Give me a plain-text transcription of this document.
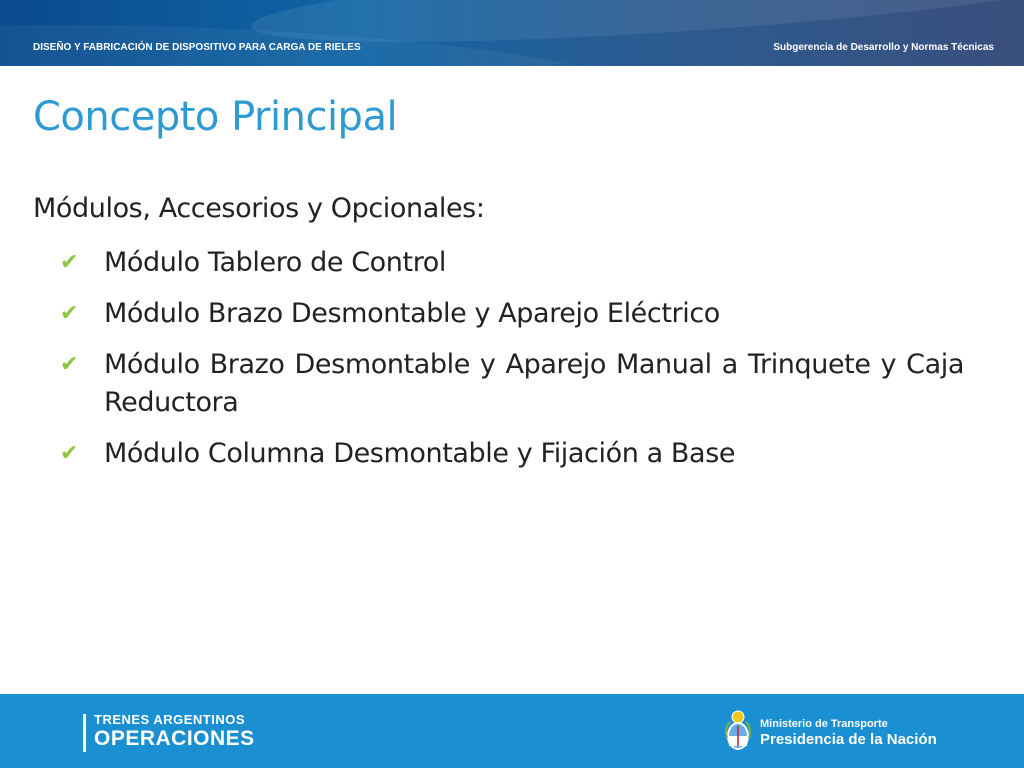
DISEÑO Y FABRICACIÓN DE DISPOSITIVO PARA CARGA DE RIELES	Subgerencia de Desarrollo y Normas Técnicas
Concepto Principal
Módulos, Accesorios y Opcionales:
✔ Módulo Tablero de Control
✔ Módulo Brazo Desmontable y Aparejo Eléctrico
✔ Módulo Brazo Desmontable y Aparejo Manual a Trinquete y Caja Reductora
✔ Módulo Columna Desmontable y Fijación a Base
TRENES ARGENTINOS
OPERACIONES
Ministerio de Transporte
Presidencia de la Nación
